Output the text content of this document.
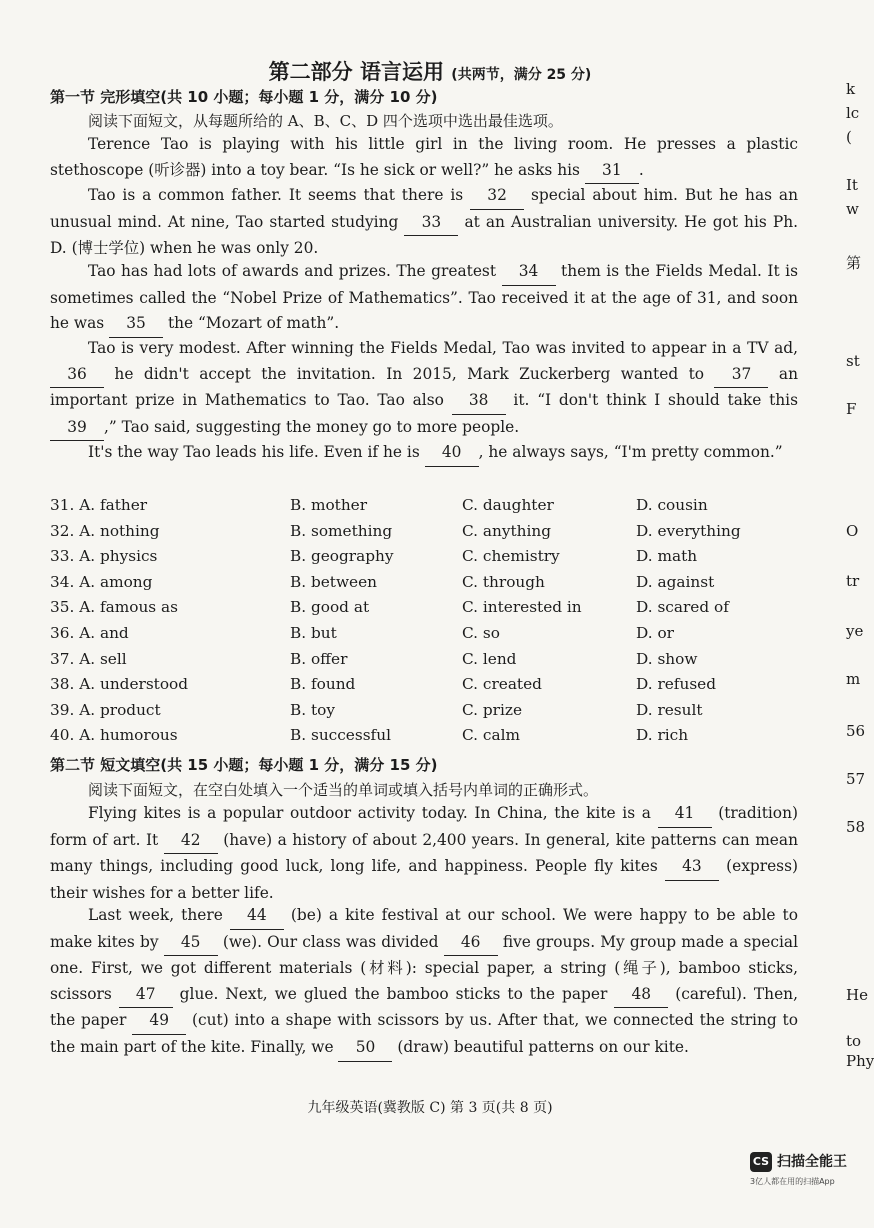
第二部分 语言运用 (共两节，满分 25 分)
第一节 完形填空(共 10 小题；每小题 1 分，满分 10 分)
阅读下面短文，从每题所给的 A、B、C、D 四个选项中选出最佳选项。

Terence Tao is playing with his little girl in the living room. He presses a plastic stethoscope (听诊器) into a toy bear. “Is he sick or well?” he asks his 31 .

Tao is a common father. It seems that there is 32 special about him. But he has an unusual mind. At nine, Tao started studying 33 at an Australian university. He got his Ph. D. (博士学位) when he was only 20.

Tao has had lots of awards and prizes. The greatest 34 them is the Fields Medal. It is sometimes called the “Nobel Prize of Mathematics”. Tao received it at the age of 31, and soon he was 35 the “Mozart of math”.

Tao is very modest. After winning the Fields Medal, Tao was invited to appear in a TV ad, 36 he didn't accept the invitation. In 2015, Mark Zuckerberg wanted to 37 an important prize in Mathematics to Tao. Tao also 38 it. “I don't think I should take this 39 ,” Tao said, suggesting the money go to more people.

It's the way Tao leads his life. Even if he is 40 , he always says, “I'm pretty common.”

31. A. father	B. mother	C. daughter	D. cousin
32. A. nothing	B. something	C. anything	D. everything
33. A. physics	B. geography	C. chemistry	D. math
34. A. among	B. between	C. through	D. against
35. A. famous as	B. good at	C. interested in	D. scared of
36. A. and	B. but	C. so	D. or
37. A. sell	B. offer	C. lend	D. show
38. A. understood	B. found	C. created	D. refused
39. A. product	B. toy	C. prize	D. result
40. A. humorous	B. successful	C. calm	D. rich
第二节 短文填空(共 15 小题；每小题 1 分，满分 15 分)
阅读下面短文，在空白处填入一个适当的单词或填入括号内单词的正确形式。

Flying kites is a popular outdoor activity today. In China, the kite is a 41 (tradition) form of art. It 42 (have) a history of about 2,400 years. In general, kite patterns can mean many things, including good luck, long life, and happiness. People fly kites 43 (express) their wishes for a better life.

Last week, there 44 (be) a kite festival at our school. We were happy to be able to make kites by 45 (we). Our class was divided 46 five groups. My group made a special one. First, we got different materials (材料): special paper, a string (绳子), bamboo sticks, scissors 47 glue. Next, we glued the bamboo sticks to the paper 48 (careful). Then, the paper 49 (cut) into a shape with scissors by us. After that, we connected the string to the main part of the kite. Finally, we 50 (draw) beautiful patterns on our kite.

九年级英语(冀教版 C) 第 3 页(共 8 页)
k
lc
(
It
w
第
st
F
O
tr
ye
m
56
57
58
He
to
Phy
CS 扫描全能王
3亿人都在用的扫描App
